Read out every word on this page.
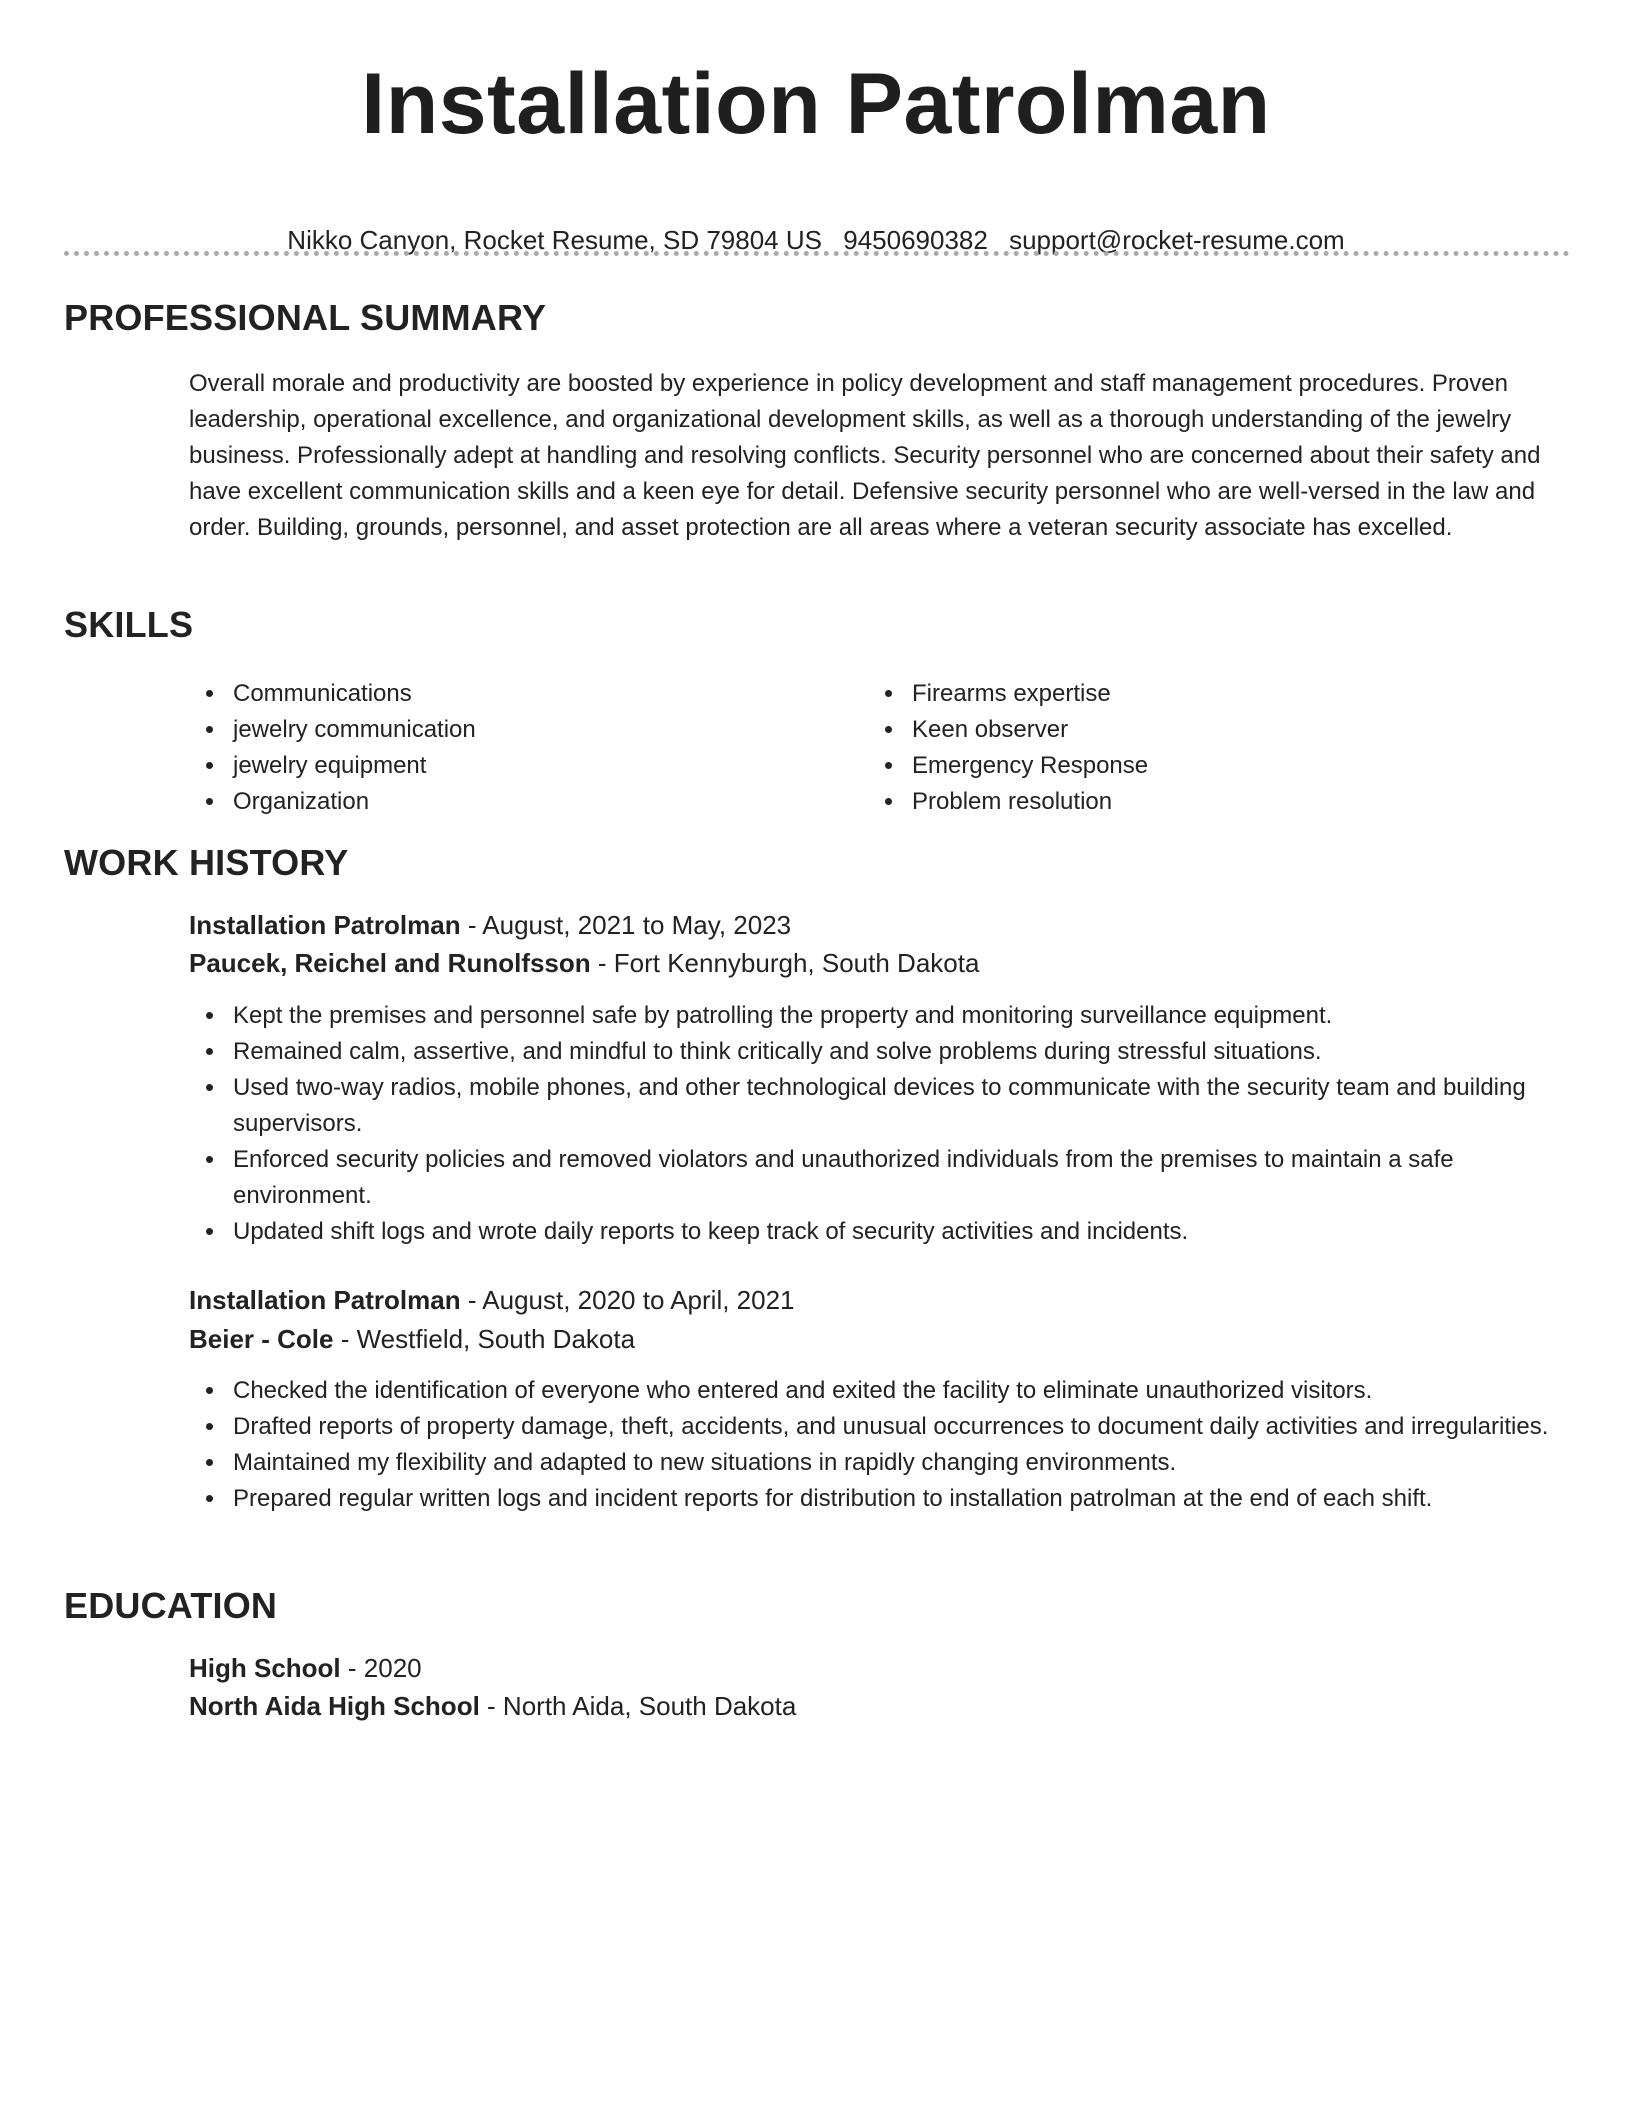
Installation Patrolman
Nikko Canyon, Rocket Resume, SD 79804 US 9450690382 support@rocket-resume.com
PROFESSIONAL SUMMARY

Overall morale and productivity are boosted by experience in policy development and staff management procedures. Proven leadership, operational excellence, and organizational development skills, as well as a thorough understanding of the jewelry business. Professionally adept at handling and resolving conflicts. Security personnel who are concerned about their safety and have excellent communication skills and a keen eye for detail. Defensive security personnel who are well-versed in the law and order. Building, grounds, personnel, and asset protection are all areas where a veteran security associate has excelled.

SKILLS
Communications
jewelry communication
jewelry equipment
Organization
Firearms expertise
Keen observer
Emergency Response
Problem resolution
WORK HISTORY
Installation Patrolman - August, 2021 to May, 2023
Paucek, Reichel and Runolfsson - Fort Kennyburgh, South Dakota
Kept the premises and personnel safe by patrolling the property and monitoring surveillance equipment.
Remained calm, assertive, and mindful to think critically and solve problems during stressful situations.
Used two-way radios, mobile phones, and other technological devices to communicate with the security team and building supervisors.
Enforced security policies and removed violators and unauthorized individuals from the premises to maintain a safe environment.
Updated shift logs and wrote daily reports to keep track of security activities and incidents.
Installation Patrolman - August, 2020 to April, 2021
Beier - Cole - Westfield, South Dakota
Checked the identification of everyone who entered and exited the facility to eliminate unauthorized visitors.
Drafted reports of property damage, theft, accidents, and unusual occurrences to document daily activities and irregularities.
Maintained my flexibility and adapted to new situations in rapidly changing environments.
Prepared regular written logs and incident reports for distribution to installation patrolman at the end of each shift.
EDUCATION
High School - 2020
North Aida High School - North Aida, South Dakota
